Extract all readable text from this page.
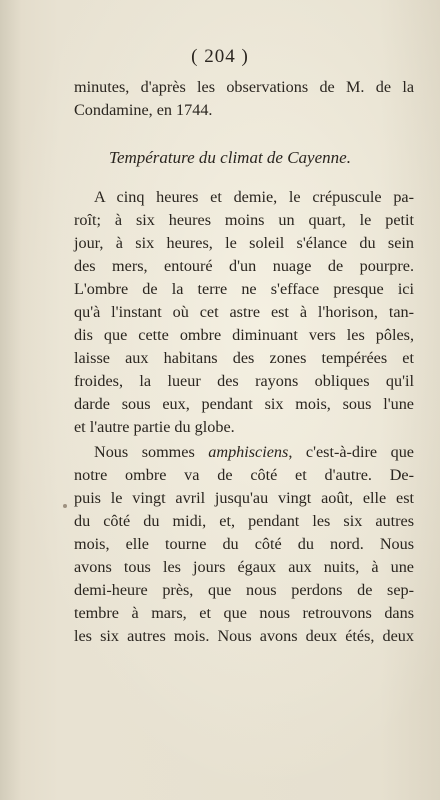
( 204 )
minutes, d'après les observations de M. de la
Condamine, en 1744.
Température du climat de Cayenne.
A cinq heures et demie, le crépuscule pa-
roît; à six heures moins un quart, le petit
jour, à six heures, le soleil s'élance du sein
des mers, entouré d'un nuage de pourpre.
L'ombre de la terre ne s'efface presque ici
qu'à l'instant où cet astre est à l'horison, tan-
dis que cette ombre diminuant vers les pôles,
laisse aux habitans des zones tempérées et
froides, la lueur des rayons obliques qu'il
darde sous eux, pendant six mois, sous l'une
et l'autre partie du globe.
Nous sommes amphisciens, c'est-à-dire que
notre ombre va de côté et d'autre. De-
puis le vingt avril jusqu'au vingt août, elle est
du côté du midi, et, pendant les six autres
mois, elle tourne du côté du nord. Nous
avons tous les jours égaux aux nuits, à une
demi-heure près, que nous perdons de sep-
tembre à mars, et que nous retrouvons dans
les six autres mois. Nous avons deux étés, deux
